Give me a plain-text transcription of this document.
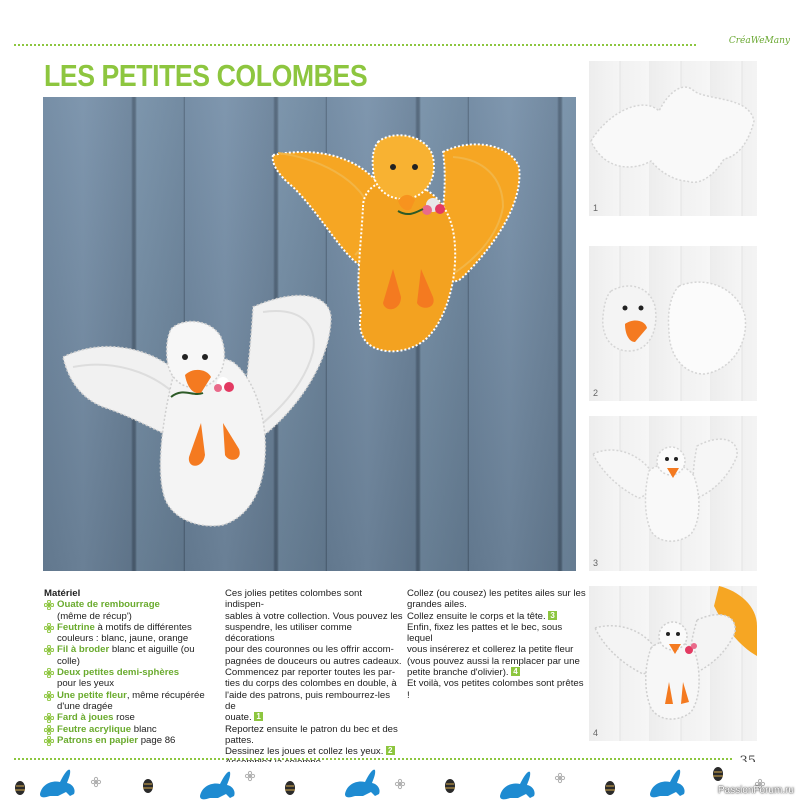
CréaWeMany
LES PETITES COLOMBES
1
2
3
4

Matériel

Ouate de rembourrage

(même de récup')

Feutrine à motifs de différentes

couleurs : blanc, jaune, orange

Fil à broder blanc et aiguille (ou colle)
Deux petites demi-sphères

pour les yeux

Une petite fleur, même récupérée

d'une dragée

Fard à joues rose
Feutre acrylique blanc
Patrons en papier page 86

Ces jolies petites colombes sont indispen-

sables à votre collection. Vous pouvez les

suspendre, les utiliser comme décorations

pour des couronnes ou les offrir accom-

pagnées de douceurs ou autres cadeaux.

Commencez par reporter toutes les par-

ties du corps des colombes en double, à

l'aide des patrons, puis rembourrez-les de

ouate. 1

Reportez ensuite le patron du bec et des

pattes.

Dessinez les joues et collez les yeux. 2

Collez (ou cousez) les petites ailes sur les

grandes ailes.

Collez ensuite le corps et la tête. 3

Enfin, fixez les pattes et le bec, sous lequel

vous insérerez et collerez la petite fleur

(vous pouvez aussi la remplacer par une

petite branche d'olivier). 4

Et voilà, vos petites colombes sont prêtes !

PassionForum.ru
